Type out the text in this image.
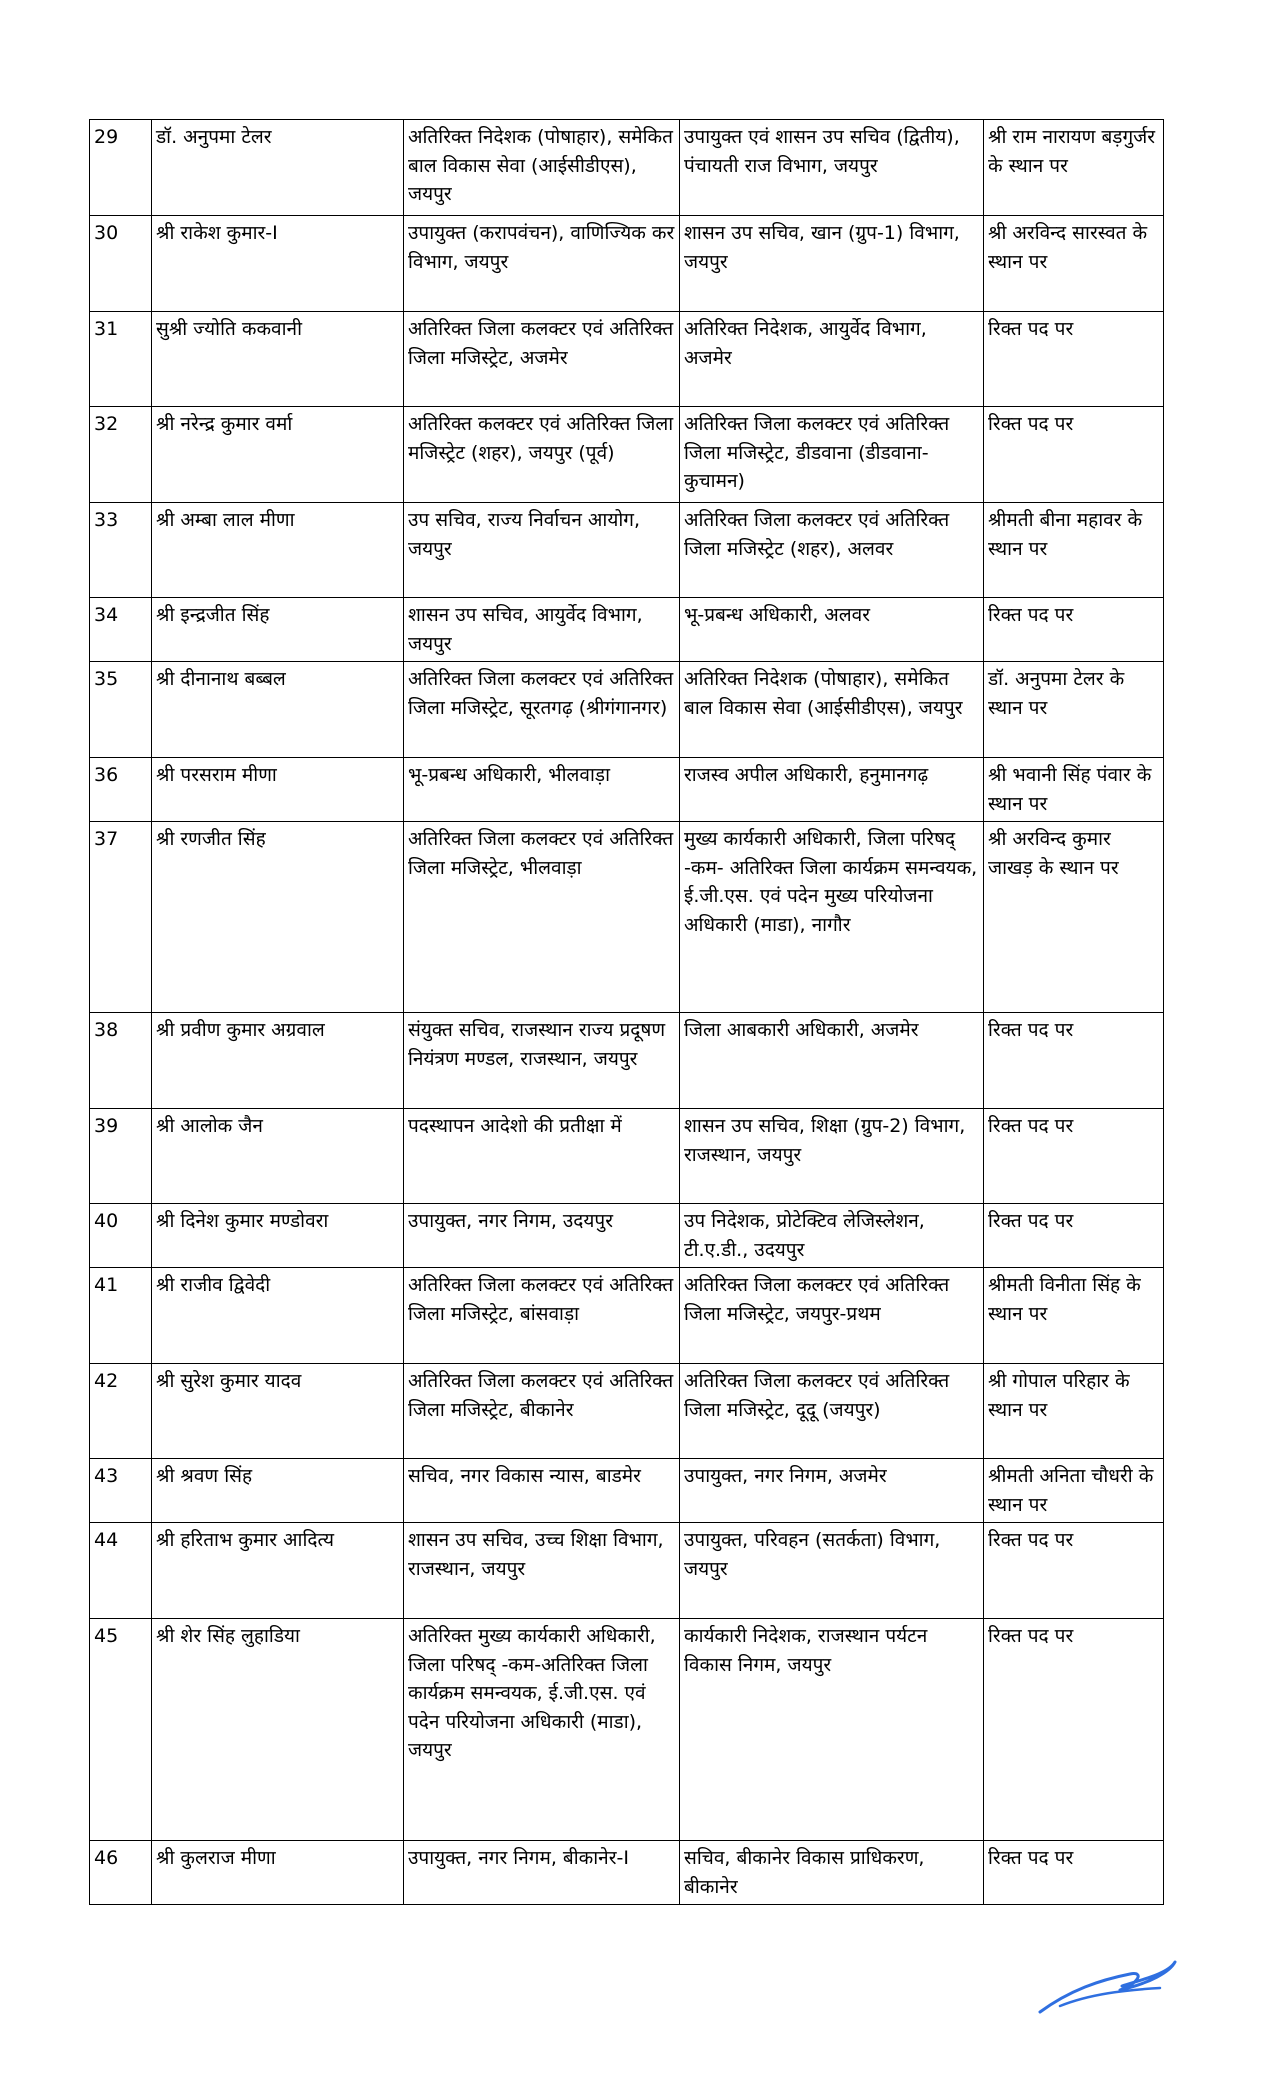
29	डॉ. अनुपमा टेलर	अतिरिक्त निदेशक (पोषाहार), समेकित बाल विकास सेवा (आईसीडीएस), जयपुर	उपायुक्त एवं शासन उप सचिव (द्वितीय), पंचायती राज विभाग, जयपुर	श्री राम नारायण बड़गुर्जर के स्थान पर
30	श्री राकेश कुमार-I	उपायुक्त (करापवंचन), वाणिज्यिक कर विभाग, जयपुर	शासन उप सचिव, खान (ग्रुप-1) विभाग, जयपुर	श्री अरविन्द सारस्वत के स्थान पर
31	सुश्री ज्योति ककवानी	अतिरिक्त जिला कलक्टर एवं अतिरिक्त जिला मजिस्ट्रेट, अजमेर	अतिरिक्त निदेशक, आयुर्वेद विभाग, अजमेर	रिक्त पद पर
32	श्री नरेन्द्र कुमार वर्मा	अतिरिक्त कलक्टर एवं अतिरिक्त जिला मजिस्ट्रेट (शहर), जयपुर (पूर्व)	अतिरिक्त जिला कलक्टर एवं अतिरिक्त जिला मजिस्ट्रेट, डीडवाना (डीडवाना-कुचामन)	रिक्त पद पर
33	श्री अम्बा लाल मीणा	उप सचिव, राज्य निर्वाचन आयोग, जयपुर	अतिरिक्त जिला कलक्टर एवं अतिरिक्त जिला मजिस्ट्रेट (शहर), अलवर	श्रीमती बीना महावर के स्थान पर
34	श्री इन्द्रजीत सिंह	शासन उप सचिव, आयुर्वेद विभाग, जयपुर	भू-प्रबन्ध अधिकारी, अलवर	रिक्त पद पर
35	श्री दीनानाथ बब्बल	अतिरिक्त जिला कलक्टर एवं अतिरिक्त जिला मजिस्ट्रेट, सूरतगढ़ (श्रीगंगानगर)	अतिरिक्त निदेशक (पोषाहार), समेकित बाल विकास सेवा (आईसीडीएस), जयपुर	डॉ. अनुपमा टेलर के स्थान पर
36	श्री परसराम मीणा	भू-प्रबन्ध अधिकारी, भीलवाड़ा	राजस्व अपील अधिकारी, हनुमानगढ़	श्री भवानी सिंह पंवार के स्थान पर
37	श्री रणजीत सिंह	अतिरिक्त जिला कलक्टर एवं अतिरिक्त जिला मजिस्ट्रेट, भीलवाड़ा	मुख्य कार्यकारी अधिकारी, जिला परिषद् -कम- अतिरिक्त जिला कार्यक्रम समन्वयक, ई.जी.एस. एवं पदेन मुख्य परियोजना अधिकारी (माडा), नागौर	श्री अरविन्द कुमार जाखड़ के स्थान पर
38	श्री प्रवीण कुमार अग्रवाल	संयुक्त सचिव, राजस्थान राज्य प्रदूषण नियंत्रण मण्डल, राजस्थान, जयपुर	जिला आबकारी अधिकारी, अजमेर	रिक्त पद पर
39	श्री आलोक जैन	पदस्थापन आदेशो की प्रतीक्षा में	शासन उप सचिव, शिक्षा (ग्रुप-2) विभाग, राजस्थान, जयपुर	रिक्त पद पर
40	श्री दिनेश कुमार मण्डोवरा	उपायुक्त, नगर निगम, उदयपुर	उप निदेशक, प्रोटेक्टिव लेजिस्लेशन, टी.ए.डी., उदयपुर	रिक्त पद पर
41	श्री राजीव द्विवेदी	अतिरिक्त जिला कलक्टर एवं अतिरिक्त जिला मजिस्ट्रेट, बांसवाड़ा	अतिरिक्त जिला कलक्टर एवं अतिरिक्त जिला मजिस्ट्रेट, जयपुर-प्रथम	श्रीमती विनीता सिंह के स्थान पर
42	श्री सुरेश कुमार यादव	अतिरिक्त जिला कलक्टर एवं अतिरिक्त जिला मजिस्ट्रेट, बीकानेर	अतिरिक्त जिला कलक्टर एवं अतिरिक्त जिला मजिस्ट्रेट, दूदू (जयपुर)	श्री गोपाल परिहार के स्थान पर
43	श्री श्रवण सिंह	सचिव, नगर विकास न्यास, बाडमेर	उपायुक्त, नगर निगम, अजमेर	श्रीमती अनिता चौधरी के स्थान पर
44	श्री हरिताभ कुमार आदित्य	शासन उप सचिव, उच्च शिक्षा विभाग, राजस्थान, जयपुर	उपायुक्त, परिवहन (सतर्कता) विभाग, जयपुर	रिक्त पद पर
45	श्री शेर सिंह लुहाडिया	अतिरिक्त मुख्य कार्यकारी अधिकारी, जिला परिषद् -कम-अतिरिक्त जिला कार्यक्रम समन्वयक, ई.जी.एस. एवं पदेन परियोजना अधिकारी (माडा), जयपुर	कार्यकारी निदेशक, राजस्थान पर्यटन विकास निगम, जयपुर	रिक्त पद पर
46	श्री कुलराज मीणा	उपायुक्त, नगर निगम, बीकानेर-I	सचिव, बीकानेर विकास प्राधिकरण, बीकानेर	रिक्त पद पर
